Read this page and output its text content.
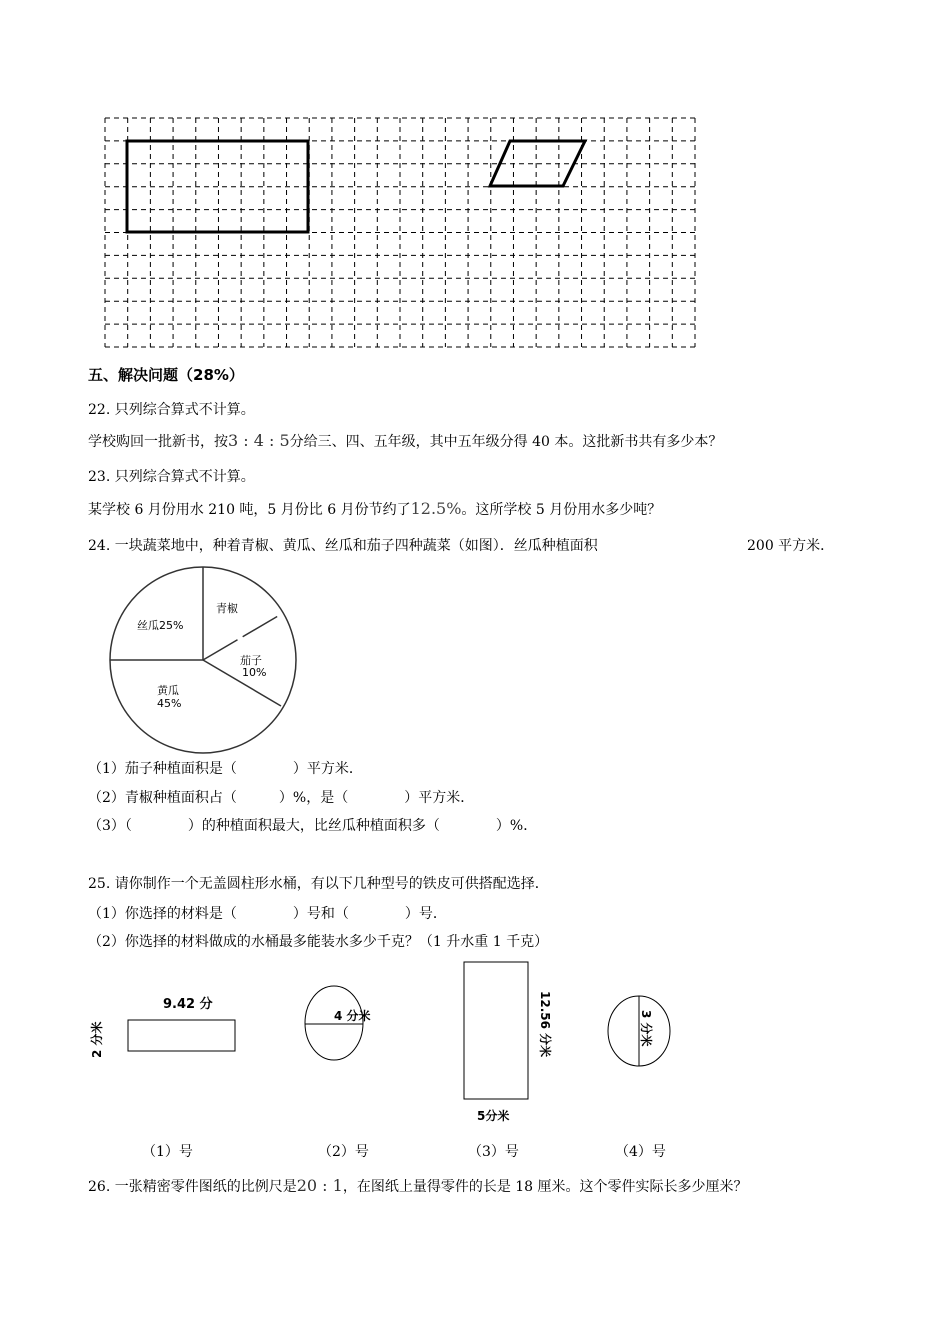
五、解决问题（28%）
22. 只列综合算式不计算。
学校购回一批新书，按3 : 4 : 5分给三、四、五年级，其中五年级分得 40 本。这批新书共有多少本？
23. 只列综合算式不计算。
某学校 6 月份用水 210 吨，5 月份比 6 月份节约了12.5%。这所学校 5 月份用水多少吨？
24. 一块蔬菜地中，种着青椒、黄瓜、丝瓜和茄子四种蔬菜（如图）．丝瓜种植面积	200 平方米．
丝瓜25%
青椒
茄子
10%
黄瓜
45%
（1）茄子种植面积是（　　　　）平方米．
（2）青椒种植面积占（　　　）%，是（　　　　）平方米．
（3）（　　　　）的种植面积最大，比丝瓜种植面积多（　　　　）%．
25. 请你制作一个无盖圆柱形水桶，有以下几种型号的铁皮可供搭配选择．
（1）你选择的材料是（　　　　）号和（　　　　）号．
（2）你选择的材料做成的水桶最多能装水多少千克？（1 升水重 1 千克）
9.42 分
2 分米
4 分米	12.56 分米
5分米
3 分米
（1）号	（2）号	（3）号	（4）号
26. 一张精密零件图纸的比例尺是20 : 1，在图纸上量得零件的长是 18 厘米。这个零件实际长多少厘米？
